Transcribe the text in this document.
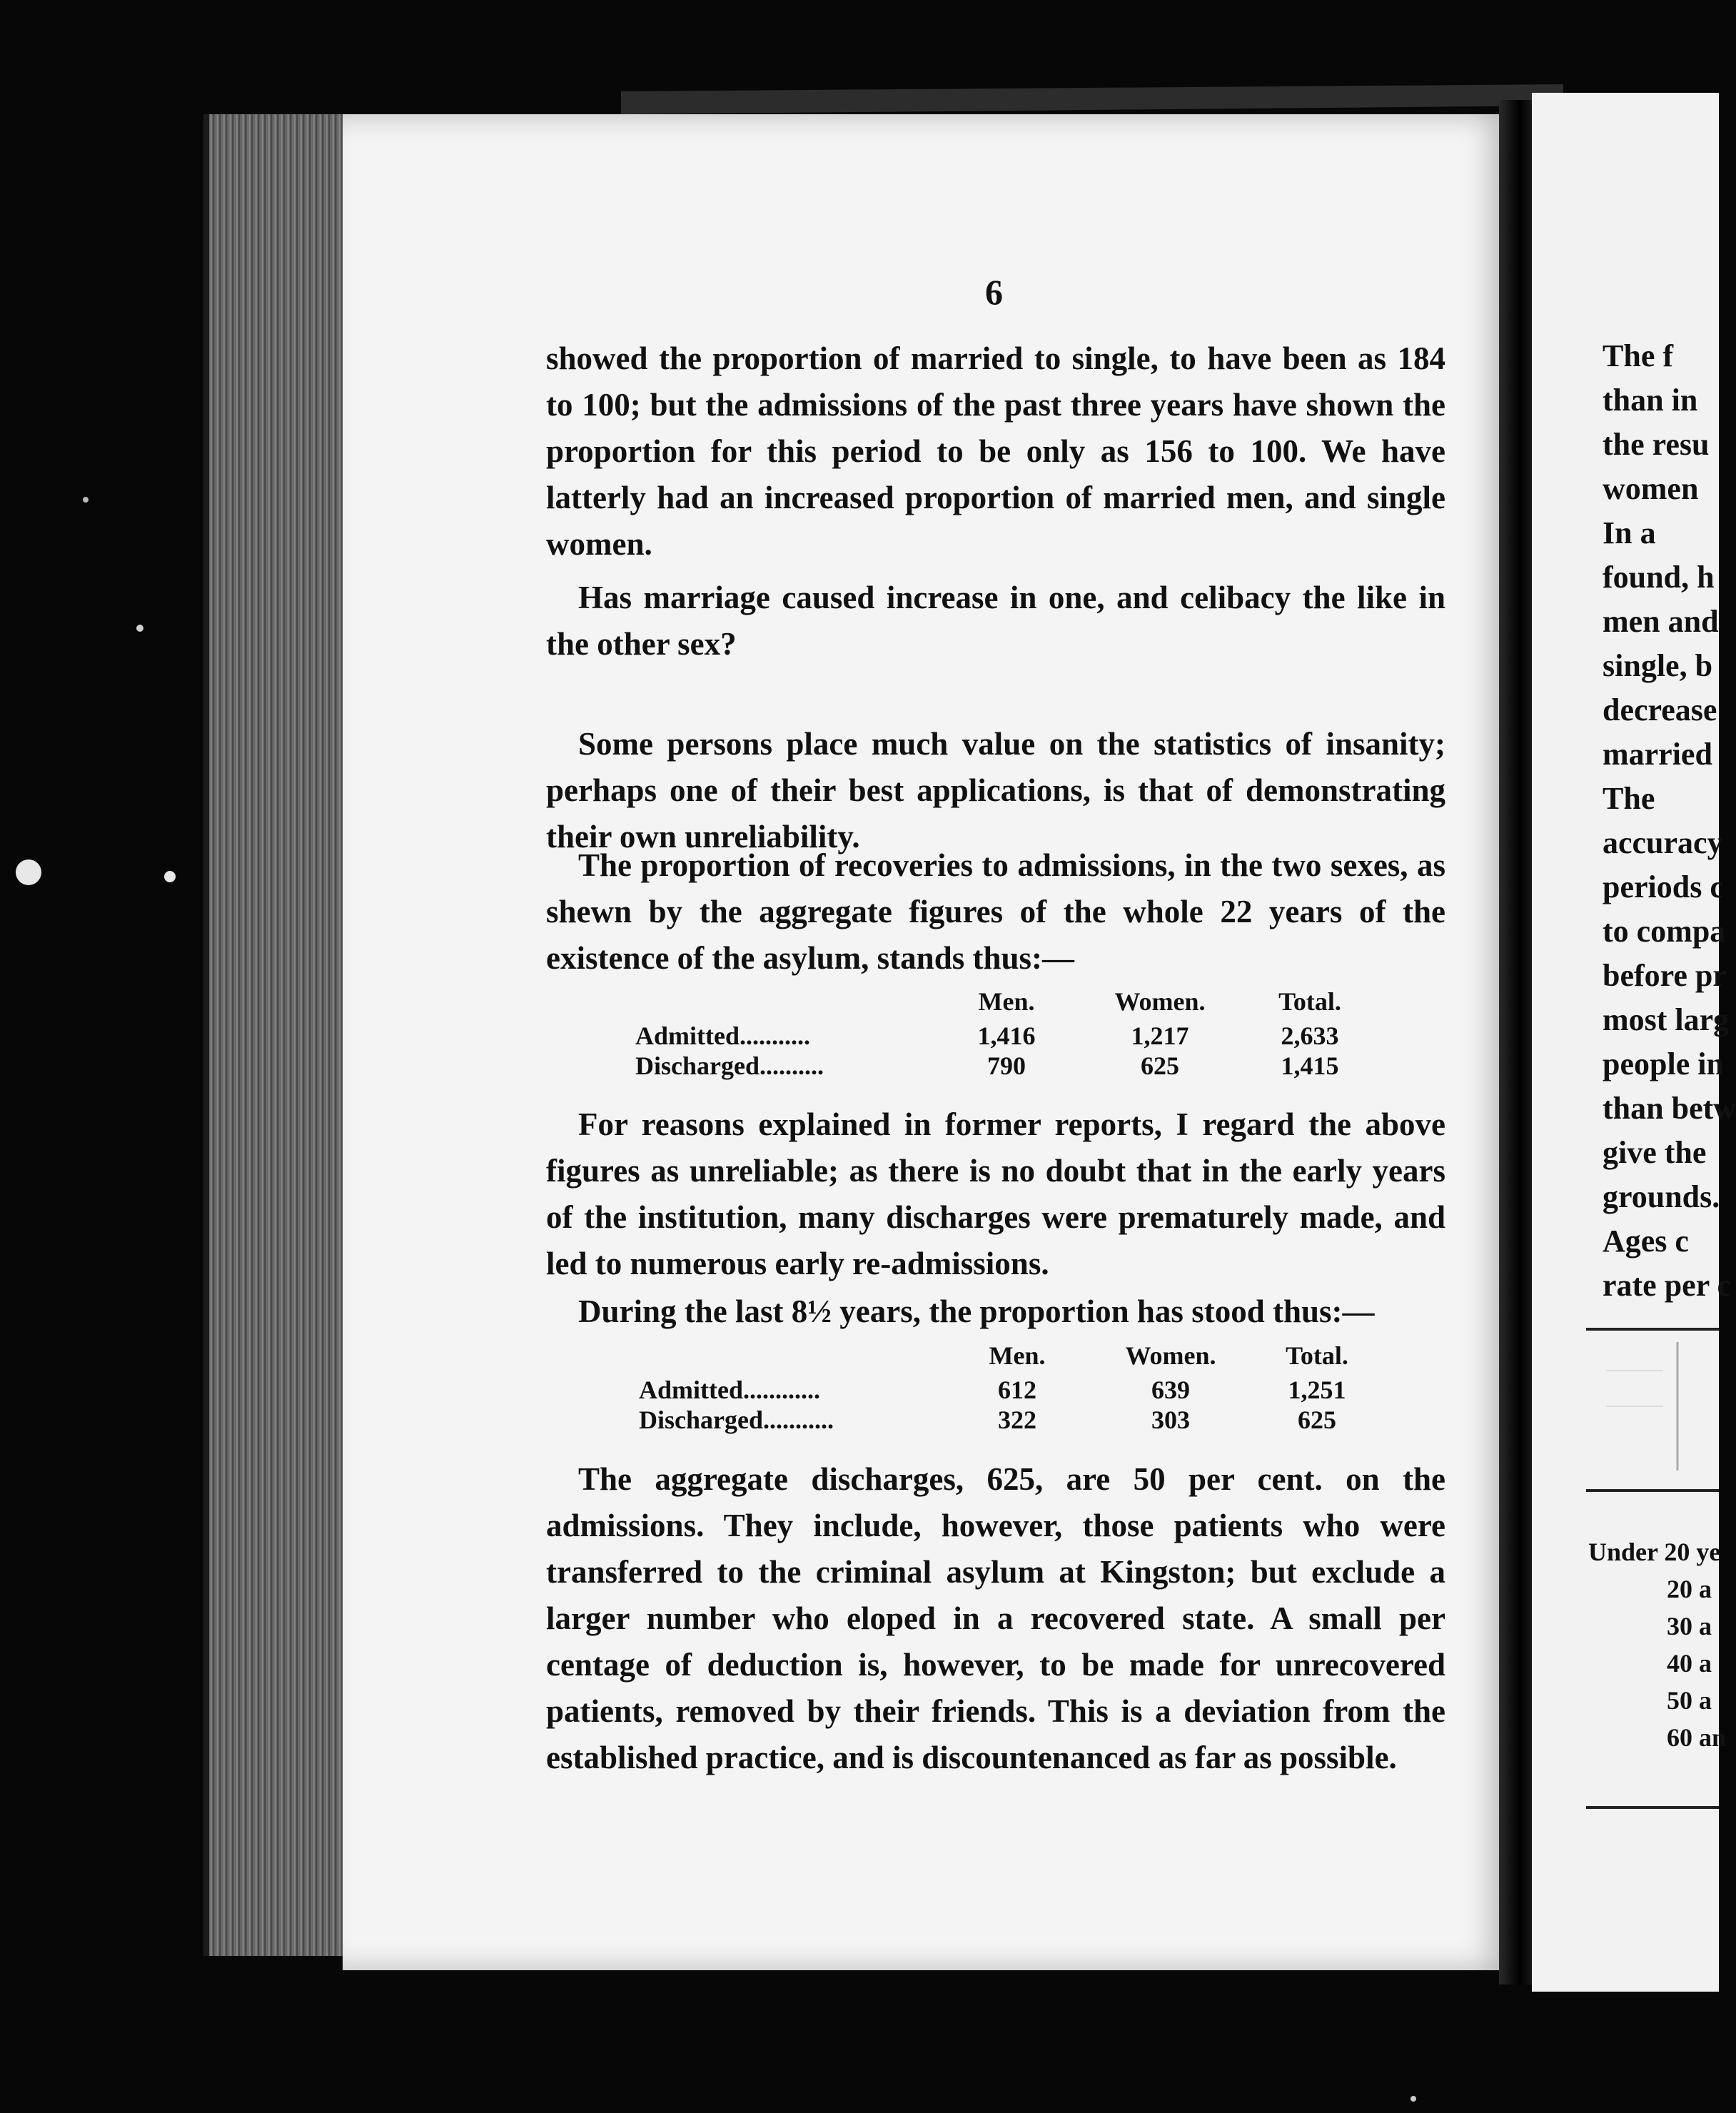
6

showed the proportion of married to single, to have been as 184 to 100; but the admissions of the past three years have shown the proportion for this period to be only as 156 to 100. We have latterly had an increased proportion of married men, and single women.

Has marriage caused increase in one, and celibacy the like in the other sex?

Some persons place much value on the statistics of insanity; perhaps one of their best applications, is that of demonstrating their own unreliability.

The proportion of recoveries to admissions, in the two sexes, as shewn by the aggregate figures of the whole 22 years of the existence of the asylum, stands thus:—

	Men.	Women.	Total.
Admitted...........	1,416	1,217	2,633
Discharged..........	790	625	1,415

For reasons explained in former reports, I regard the above figures as unreliable; as there is no doubt that in the early years of the institution, many discharges were prematurely made, and led to numerous early re-admissions.

During the last 8½ years, the proportion has stood thus:—

	Men.	Women.	Total.
Admitted............	612	639	1,251
Discharged...........	322	303	625

The aggregate discharges, 625, are 50 per cent. on the admissions. They include, however, those patients who were transferred to the criminal asylum at Kingston; but exclude a larger number who eloped in a recovered state. A small per centage of deduction is, however, to be made for unrecovered patients, removed by their friends. This is a deviation from the established practice, and is discountenanced as far as possible.

The f
than in
the resu
women
In a
found, h
men and
single, b
decrease
married
The
accuracy
periods c
to compa
before pr
most larg
people in
than betw
give the
grounds.
Ages c
rate per c
Under 20 ye
20 a
30 a
40 a
50 a
60 an
